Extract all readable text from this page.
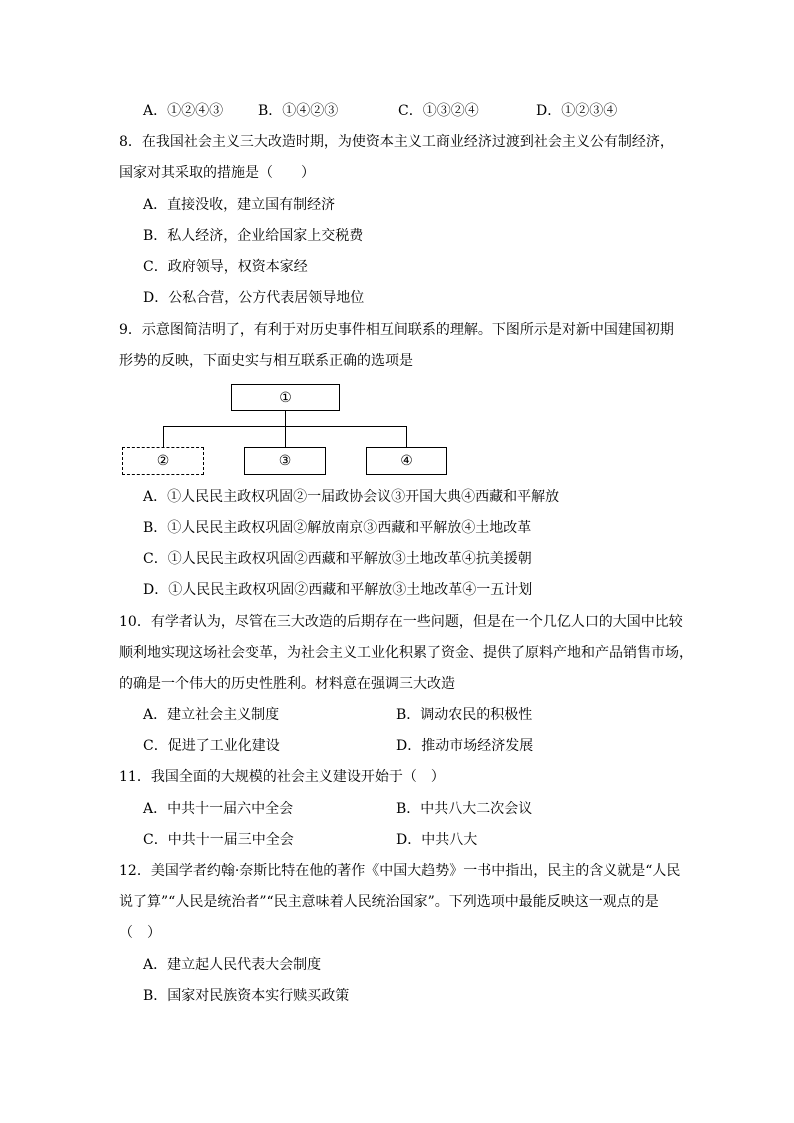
A．①②④③ B．①④②③	C．①③②④	D．①②③④
8．在我国社会主义三大改造时期，为使资本主义工商业经济过渡到社会主义公有制经济，
国家对其采取的措施是（　　）
A．直接没收，建立国有制经济
B．私人经济，企业给国家上交税费
C．政府领导，权资本家经
D．公私合营，公方代表居领导地位
9．示意图简洁明了，有利于对历史事件相互间联系的理解。下图所示是对新中国建国初期
形势的反映，下面史实与相互联系正确的选项是
①
②	③	④
A．①人民民主政权巩固②一届政协会议③开国大典④西藏和平解放
B．①人民民主政权巩固②解放南京③西藏和平解放④土地改革
C．①人民民主政权巩固②西藏和平解放③土地改革④抗美援朝
D．①人民民主政权巩固②西藏和平解放③土地改革④一五计划
10．有学者认为，尽管在三大改造的后期存在一些问题，但是在一个几亿人口的大国中比较
顺利地实现这场社会变革，为社会主义工业化积累了资金、提供了原料产地和产品销售市场，
的确是一个伟大的历史性胜利。材料意在强调三大改造
A．建立社会主义制度	B．调动农民的积极性
C．促进了工业化建设	D．推动市场经济发展
11．我国全面的大规模的社会主义建设开始于（　）
A．中共十一届六中全会	B．中共八大二次会议
C．中共十一届三中全会	D．中共八大
12．美国学者约翰·奈斯比特在他的著作《中国大趋势》一书中指出，民主的含义就是“人民
说了算”“人民是统治者”“民主意味着人民统治国家”。下列选项中最能反映这一观点的是
（　）
A．建立起人民代表大会制度
B．国家对民族资本实行赎买政策
